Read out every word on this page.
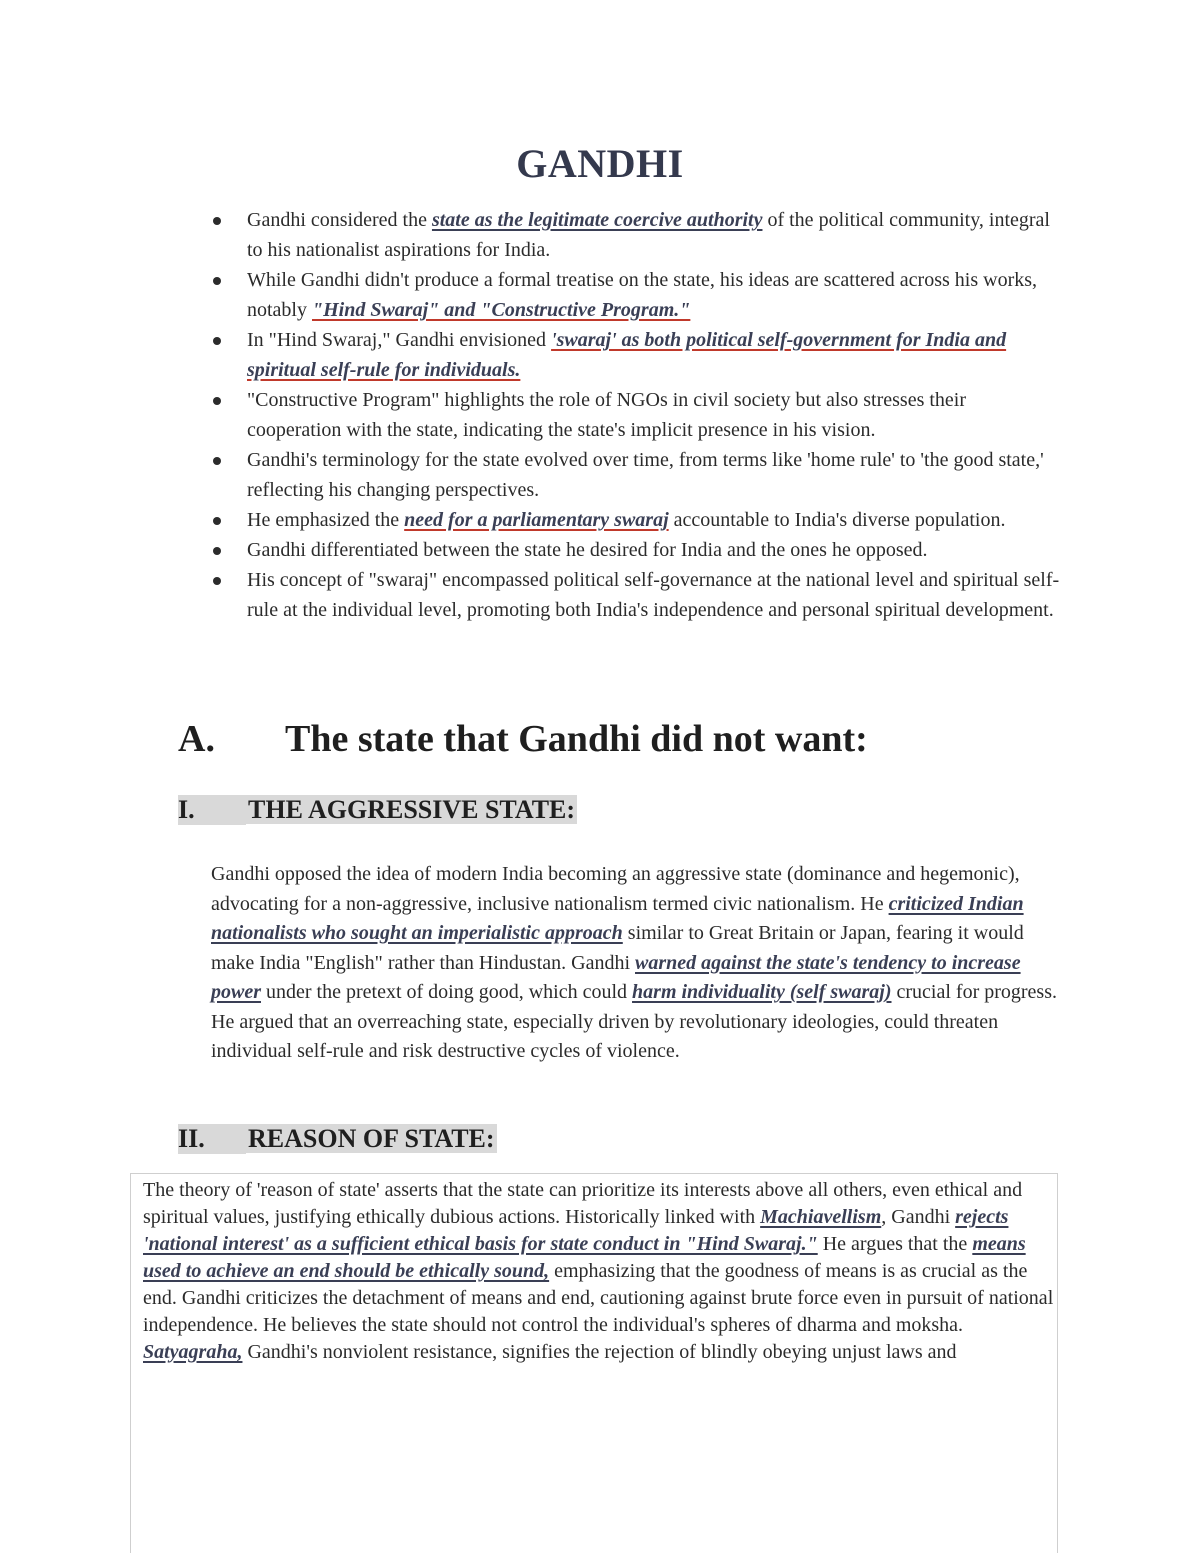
GANDHI
Gandhi considered the state as the legitimate coercive authority of the political community, integral to his nationalist aspirations for India.
While Gandhi didn't produce a formal treatise on the state, his ideas are scattered across his works, notably "Hind Swaraj" and "Constructive Program."
In "Hind Swaraj," Gandhi envisioned 'swaraj' as both political self-government for India and spiritual self-rule for individuals.
"Constructive Program" highlights the role of NGOs in civil society but also stresses their cooperation with the state, indicating the state's implicit presence in his vision.
Gandhi's terminology for the state evolved over time, from terms like 'home rule' to 'the good state,' reflecting his changing perspectives.
He emphasized the need for a parliamentary swaraj accountable to India's diverse population.
Gandhi differentiated between the state he desired for India and the ones he opposed.
His concept of "swaraj" encompassed political self-governance at the national level and spiritual self-rule at the individual level, promoting both India's independence and personal spiritual development.
A. The state that Gandhi did not want:
I. THE AGGRESSIVE STATE:

Gandhi opposed the idea of modern India becoming an aggressive state (dominance and hegemonic), advocating for a non-aggressive, inclusive nationalism termed civic nationalism. He criticized Indian nationalists who sought an imperialistic approach similar to Great Britain or Japan, fearing it would make India "English" rather than Hindustan. Gandhi warned against the state's tendency to increase power under the pretext of doing good, which could harm individuality (self swaraj) crucial for progress. He argued that an overreaching state, especially driven by revolutionary ideologies, could threaten individual self-rule and risk destructive cycles of violence.

II. REASON OF STATE:

The theory of 'reason of state' asserts that the state can prioritize its interests above all others, even ethical and spiritual values, justifying ethically dubious actions. Historically linked with Machiavellism, Gandhi rejects 'national interest' as a sufficient ethical basis for state conduct in "Hind Swaraj." He argues that the means used to achieve an end should be ethically sound, emphasizing that the goodness of means is as crucial as the end. Gandhi criticizes the detachment of means and end, cautioning against brute force even in pursuit of national independence. He believes the state should not control the individual's spheres of dharma and moksha. Satyagraha, Gandhi's nonviolent resistance, signifies the rejection of blindly obeying unjust laws and
